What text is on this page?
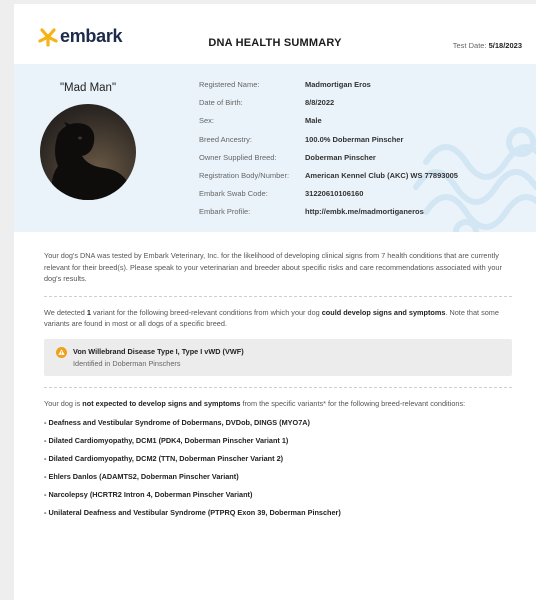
embark	DNA HEALTH SUMMARY	Test Date: 5/18/2023
"Mad Man"	Registered Name:	Madmortigan Eros
Date of Birth:	8/8/2022
Sex:	Male
Breed Ancestry:	100.0% Doberman Pinscher
Owner Supplied Breed:	Doberman Pinscher
Registration Body/Number:	American Kennel Club (AKC) WS 77893005
Embark Swab Code:	31220610106160
Embark Profile:	http://embk.me/madmortiganeros

Your dog's DNA was tested by Embark Veterinary, Inc. for the likelihood of developing clinical signs from 7 health conditions that are currently relevant for their breed(s). Please speak to your veterinarian and breeder about specific risks and care recommendations associated with your dog's results.

We detected 1 variant for the following breed-relevant conditions from which your dog could develop signs and symptoms. Note that some variants are found in most or all dogs of a specific breed.

Von Willebrand Disease Type I, Type I vWD (VWF)
Identified in Doberman Pinschers

Your dog is not expected to develop signs and symptoms from the specific variants* for the following breed-relevant conditions:

- Deafness and Vestibular Syndrome of Dobermans, DVDob, DINGS (MYO7A)
- Dilated Cardiomyopathy, DCM1 (PDK4, Doberman Pinscher Variant 1)
- Dilated Cardiomyopathy, DCM2 (TTN, Doberman Pinscher Variant 2)
- Ehlers Danlos (ADAMTS2, Doberman Pinscher Variant)
- Narcolepsy (HCRTR2 Intron 4, Doberman Pinscher Variant)
- Unilateral Deafness and Vestibular Syndrome (PTPRQ Exon 39, Doberman Pinscher)
